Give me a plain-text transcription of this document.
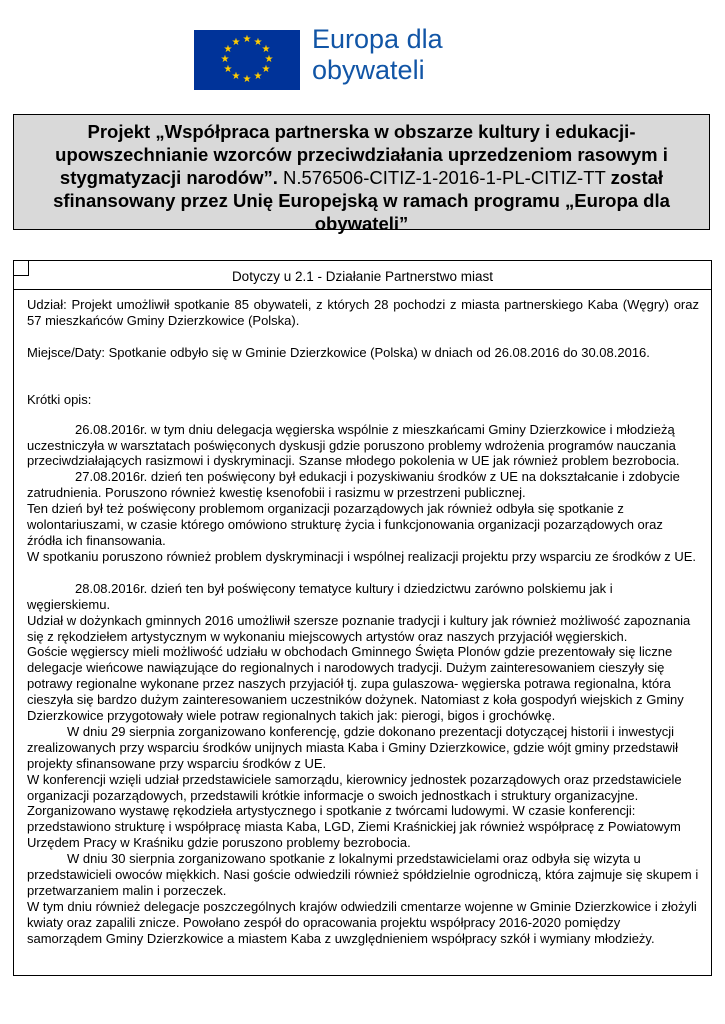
★ ★
★
★
★
★
★
★
★
★
★
★	Europa dla
obywateli
Projekt „Współpraca partnerska w obszarze kultury i edukacji- upowszechnianie wzorców przeciwdziałania uprzedzeniom rasowym i stygmatyzacji narodów”. N.576506-CITIZ-1-2016-1-PL-CITIZ-TT został sfinansowany przez Unię Europejską w ramach programu „Europa dla obywateli”
Dotyczy u 2.1 - Działanie Partnerstwo miast

Udział: Projekt umożliwił spotkanie 85 obywateli, z których 28 pochodzi z miasta partnerskiego Kaba (Węgry) oraz 57 mieszkańców Gminy Dzierzkowice (Polska).

Miejsce/Daty: Spotkanie odbyło się w Gminie Dzierzkowice (Polska) w dniach od 26.08.2016 do 30.08.2016.

Krótki opis:

26.08.2016r. w tym dniu delegacja węgierska wspólnie z mieszkańcami Gminy Dzierzkowice i młodzieżą uczestniczyła w warsztatach poświęconych dyskusji gdzie poruszono problemy wdrożenia programów nauczania przeciwdziałających rasizmowi i dyskryminacji. Szanse młodego pokolenia w UE jak również problem bezrobocia.

27.08.2016r. dzień ten poświęcony był edukacji i pozyskiwaniu środków z UE na dokształcanie i zdobycie zatrudnienia. Poruszono również kwestię ksenofobii i rasizmu w przestrzeni publicznej.

Ten dzień był też poświęcony problemom organizacji pozarządowych jak również odbyła się spotkanie z wolontariuszami, w czasie którego omówiono strukturę życia i funkcjonowania organizacji pozarządowych oraz źródła ich finansowania.

W spotkaniu poruszono również problem dyskryminacji i wspólnej realizacji projektu przy wsparciu ze środków z UE.

28.08.2016r. dzień ten był poświęcony tematyce kultury i dziedzictwu zarówno polskiemu jak i węgierskiemu.

Udział w dożynkach gminnych 2016 umożliwił szersze poznanie tradycji i kultury jak również możliwość zapoznania się z rękodziełem artystycznym w wykonaniu miejscowych artystów oraz naszych przyjaciół węgierskich.

Goście węgierscy mieli możliwość udziału w obchodach Gminnego Święta Plonów gdzie prezentowały się liczne delegacje wieńcowe nawiązujące do regionalnych i narodowych tradycji. Dużym zainteresowaniem cieszyły się potrawy regionalne wykonane przez naszych przyjaciół tj. zupa gulaszowa- węgierska potrawa regionalna, która cieszyła się bardzo dużym zainteresowaniem uczestników dożynek. Natomiast z koła gospodyń wiejskich z Gminy Dzierzkowice przygotowały wiele potraw regionalnych takich jak: pierogi, bigos i grochówkę.

W dniu 29 sierpnia zorganizowano konferencję, gdzie dokonano prezentacji dotyczącej historii i inwestycji zrealizowanych przy wsparciu środków unijnych miasta Kaba i Gminy Dzierzkowice, gdzie wójt gminy przedstawił projekty sfinansowane przy wsparciu środków z UE.

W konferencji wzięli udział przedstawiciele samorządu, kierownicy jednostek pozarządowych oraz przedstawiciele organizacji pozarządowych, przedstawili krótkie informacje o swoich jednostkach i struktury organizacyjne.

Zorganizowano wystawę rękodzieła artystycznego i spotkanie z twórcami ludowymi. W czasie konferencji: przedstawiono strukturę i współpracę miasta Kaba, LGD, Ziemi Kraśnickiej jak również współpracę z Powiatowym Urzędem Pracy w Kraśniku gdzie poruszono problemy bezrobocia.

W dniu 30 sierpnia zorganizowano spotkanie z lokalnymi przedstawicielami oraz odbyła się wizyta u przedstawicieli owoców miękkich. Nasi goście odwiedzili również spółdzielnie ogrodniczą, która zajmuje się skupem i przetwarzaniem malin i porzeczek.

W tym dniu również delegacje poszczególnych krajów odwiedzili cmentarze wojenne w Gminie Dzierzkowice i złożyli kwiaty oraz zapalili znicze. Powołano zespół do opracowania projektu współpracy 2016-2020 pomiędzy samorządem Gminy Dzierzkowice a miastem Kaba z uwzględnieniem współpracy szkół i wymiany młodzieży.
